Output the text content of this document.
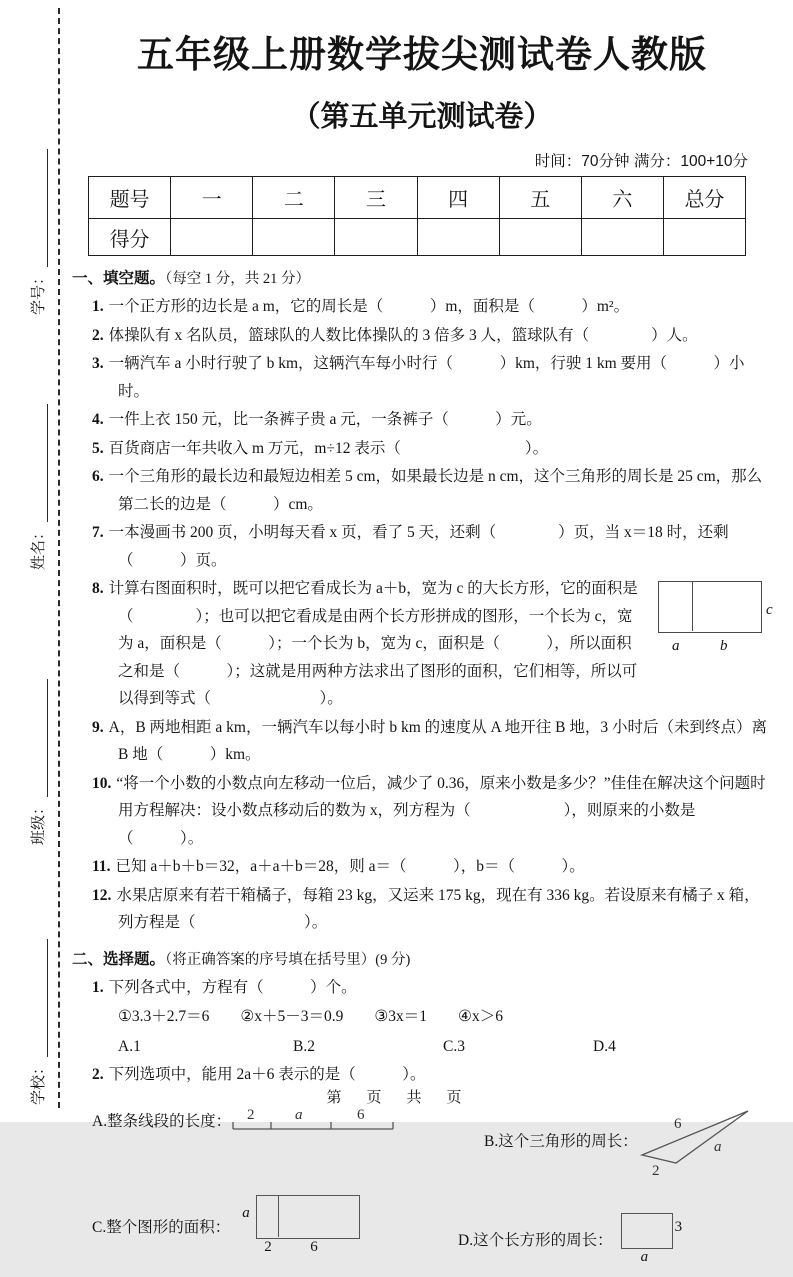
学号：
姓名：
班级：
学校：
五年级上册数学拔尖测试卷人教版
（第五单元测试卷）
时间：70分钟 满分：100+10分
题号	一	二	三	四	五	六	总分
得分							
一、填空题。（每空 1 分，共 21 分）
1. 一个正方形的边长是 a m，它的周长是（　　　）m，面积是（　　　）m²。
2. 体操队有 x 名队员，篮球队的人数比体操队的 3 倍多 3 人，篮球队有（　　　　）人。
3. 一辆汽车 a 小时行驶了 b km，这辆汽车每小时行（　　　）km，行驶 1 km 要用（　　　）小时。
4. 一件上衣 150 元，比一条裤子贵 a 元，一条裤子（　　　）元。
5. 百货商店一年共收入 m 万元，m÷12 表示（　　　　　　　　）。
6. 一个三角形的最长边和最短边相差 5 cm，如果最长边是 n cm，这个三角形的周长是 25 cm，那么第二长的边是（　　　）cm。
7. 一本漫画书 200 页，小明每天看 x 页，看了 5 天，还剩（　　　　）页，当 x＝18 时，还剩（　　　）页。
c
a	b
8. 计算右图面积时，既可以把它看成长为 a＋b，宽为 c 的大长方形，它的面积是（　　　　）；也可以把它看成是由两个长方形拼成的图形，一个长为 c，宽为 a，面积是（　　　）；一个长为 b，宽为 c，面积是（　　　），所以面积之和是（　　　）；这就是用两种方法求出了图形的面积，它们相等，所以可以得到等式（　　　　　　　）。
9. A，B 两地相距 a km，一辆汽车以每小时 b km 的速度从 A 地开往 B 地，3 小时后（未到终点）离 B 地（　　　）km。
10. “将一个小数的小数点向左移动一位后，减少了 0.36，原来小数是多少？”佳佳在解决这个问题时用方程解决：设小数点移动后的数为 x，列方程为（　　　　　　），则原来的小数是（　　　）。
11. 已知 a＋b＋b＝32，a＋a＋b＝28，则 a＝（　　　），b＝（　　　）。
12. 水果店原来有若干箱橘子，每箱 23 kg，又运来 175 kg，现在有 336 kg。若设原来有橘子 x 箱，列方程是（　　　　　　　）。
二、选择题。（将正确答案的序号填在括号里）(9 分)
1. 下列各式中，方程有（　　　）个。
①3.3＋2.7＝6　　②x＋5－3＝0.9　　③3x＝1　　④x＞6
A.1	B.2	C.3	D.4
2. 下列选项中，能用 2a＋6 表示的是（　　　）。
A.整条线段的长度： 2	a	6
B.这个三角形的周长：
6
a
2
C.整个图形的面积：
a
2	6	D.这个长方形的周长：
3
a
第　页　共　页
